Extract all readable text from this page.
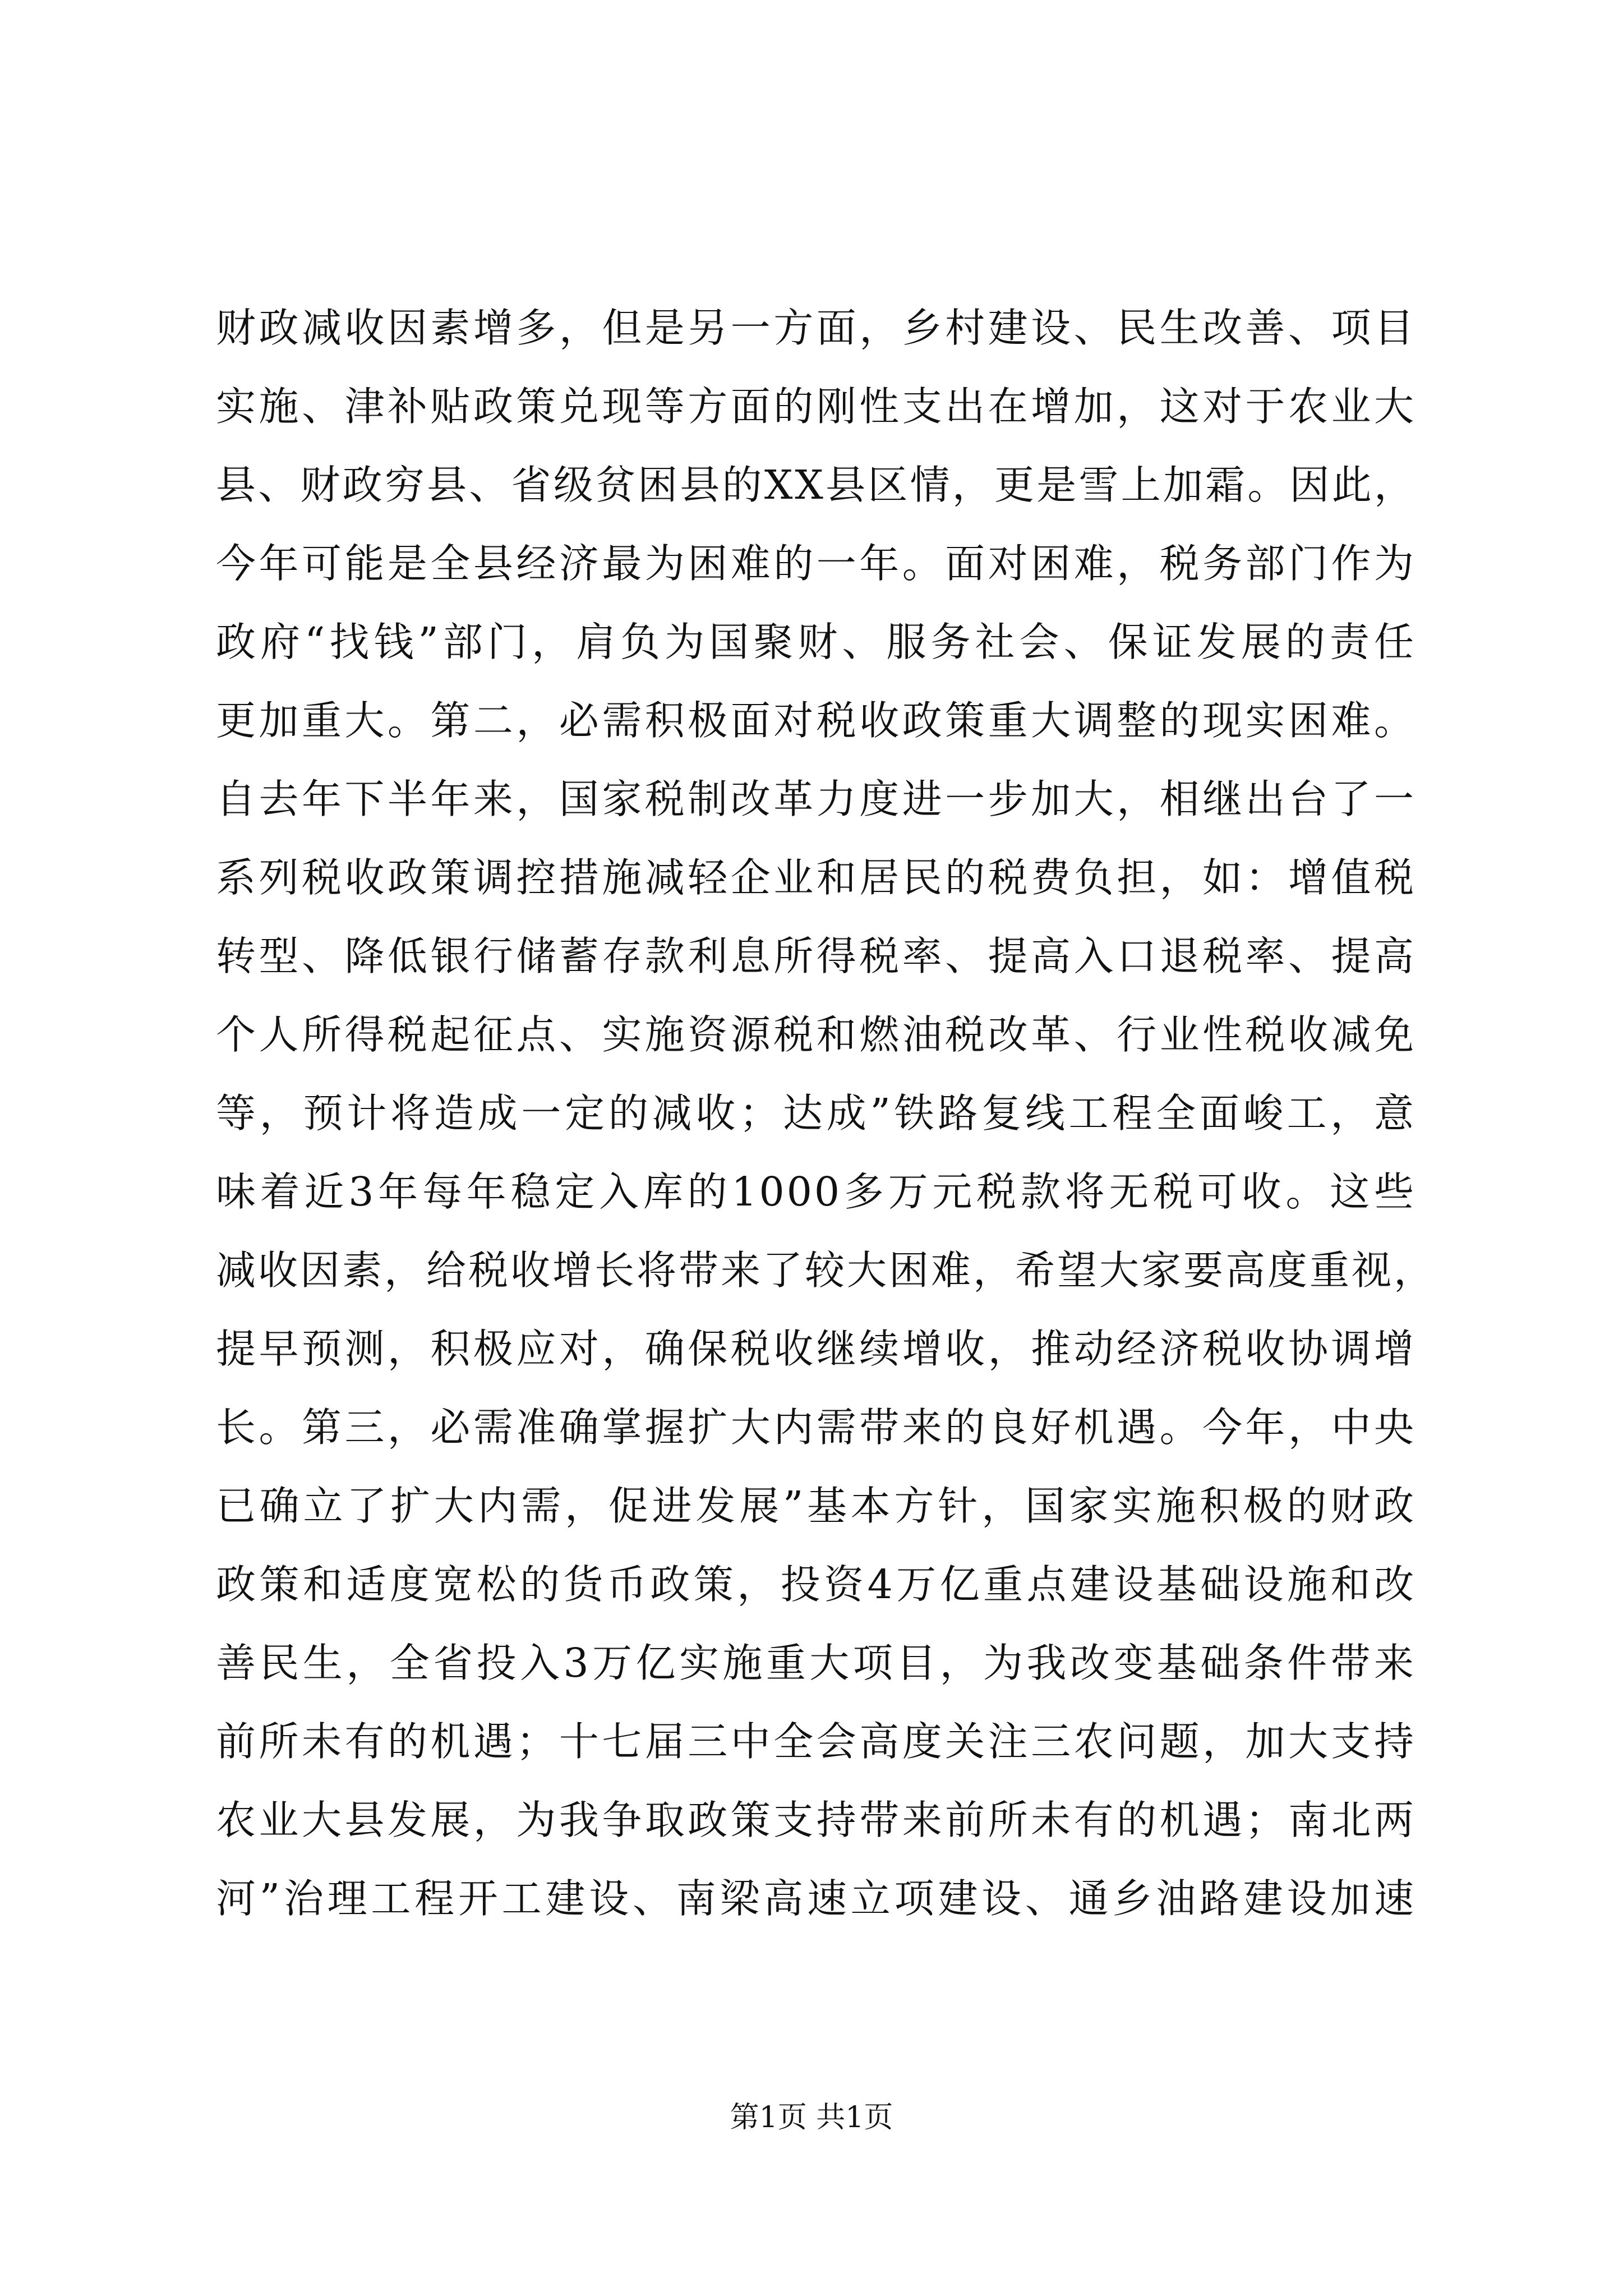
财政减收因素增多，但是另一方面，乡村建设、民生改善、项目
实施、津补贴政策兑现等方面的刚性支出在增加，这对于农业大
县、财政穷县、省级贫困县的XX县区情，更是雪上加霜。因此，
今年可能是全县经济最为困难的一年。面对困难，税务部门作为
政府“找钱”部门，肩负为国聚财、服务社会、保证发展的责任
更加重大。第二，必需积极面对税收政策重大调整的现实困难。
自去年下半年来，国家税制改革力度进一步加大，相继出台了一
系列税收政策调控措施减轻企业和居民的税费负担，如：增值税
转型、降低银行储蓄存款利息所得税率、提高入口退税率、提高
个人所得税起征点、实施资源税和燃油税改革、行业性税收减免
等，预计将造成一定的减收；达成”铁路复线工程全面峻工，意
味着近3年每年稳定入库的1000多万元税款将无税可收。这些
减收因素，给税收增长将带来了较大困难，希望大家要高度重视，
提早预测，积极应对，确保税收继续增收，推动经济税收协调增
长。第三，必需准确掌握扩大内需带来的良好机遇。今年，中央
已确立了扩大内需，促进发展”基本方针，国家实施积极的财政
政策和适度宽松的货币政策，投资4万亿重点建设基础设施和改
善民生，全省投入3万亿实施重大项目，为我改变基础条件带来
前所未有的机遇；十七届三中全会高度关注三农问题，加大支持
农业大县发展，为我争取政策支持带来前所未有的机遇；南北两
河”治理工程开工建设、南梁高速立项建设、通乡油路建设加速
第1页 共1页
